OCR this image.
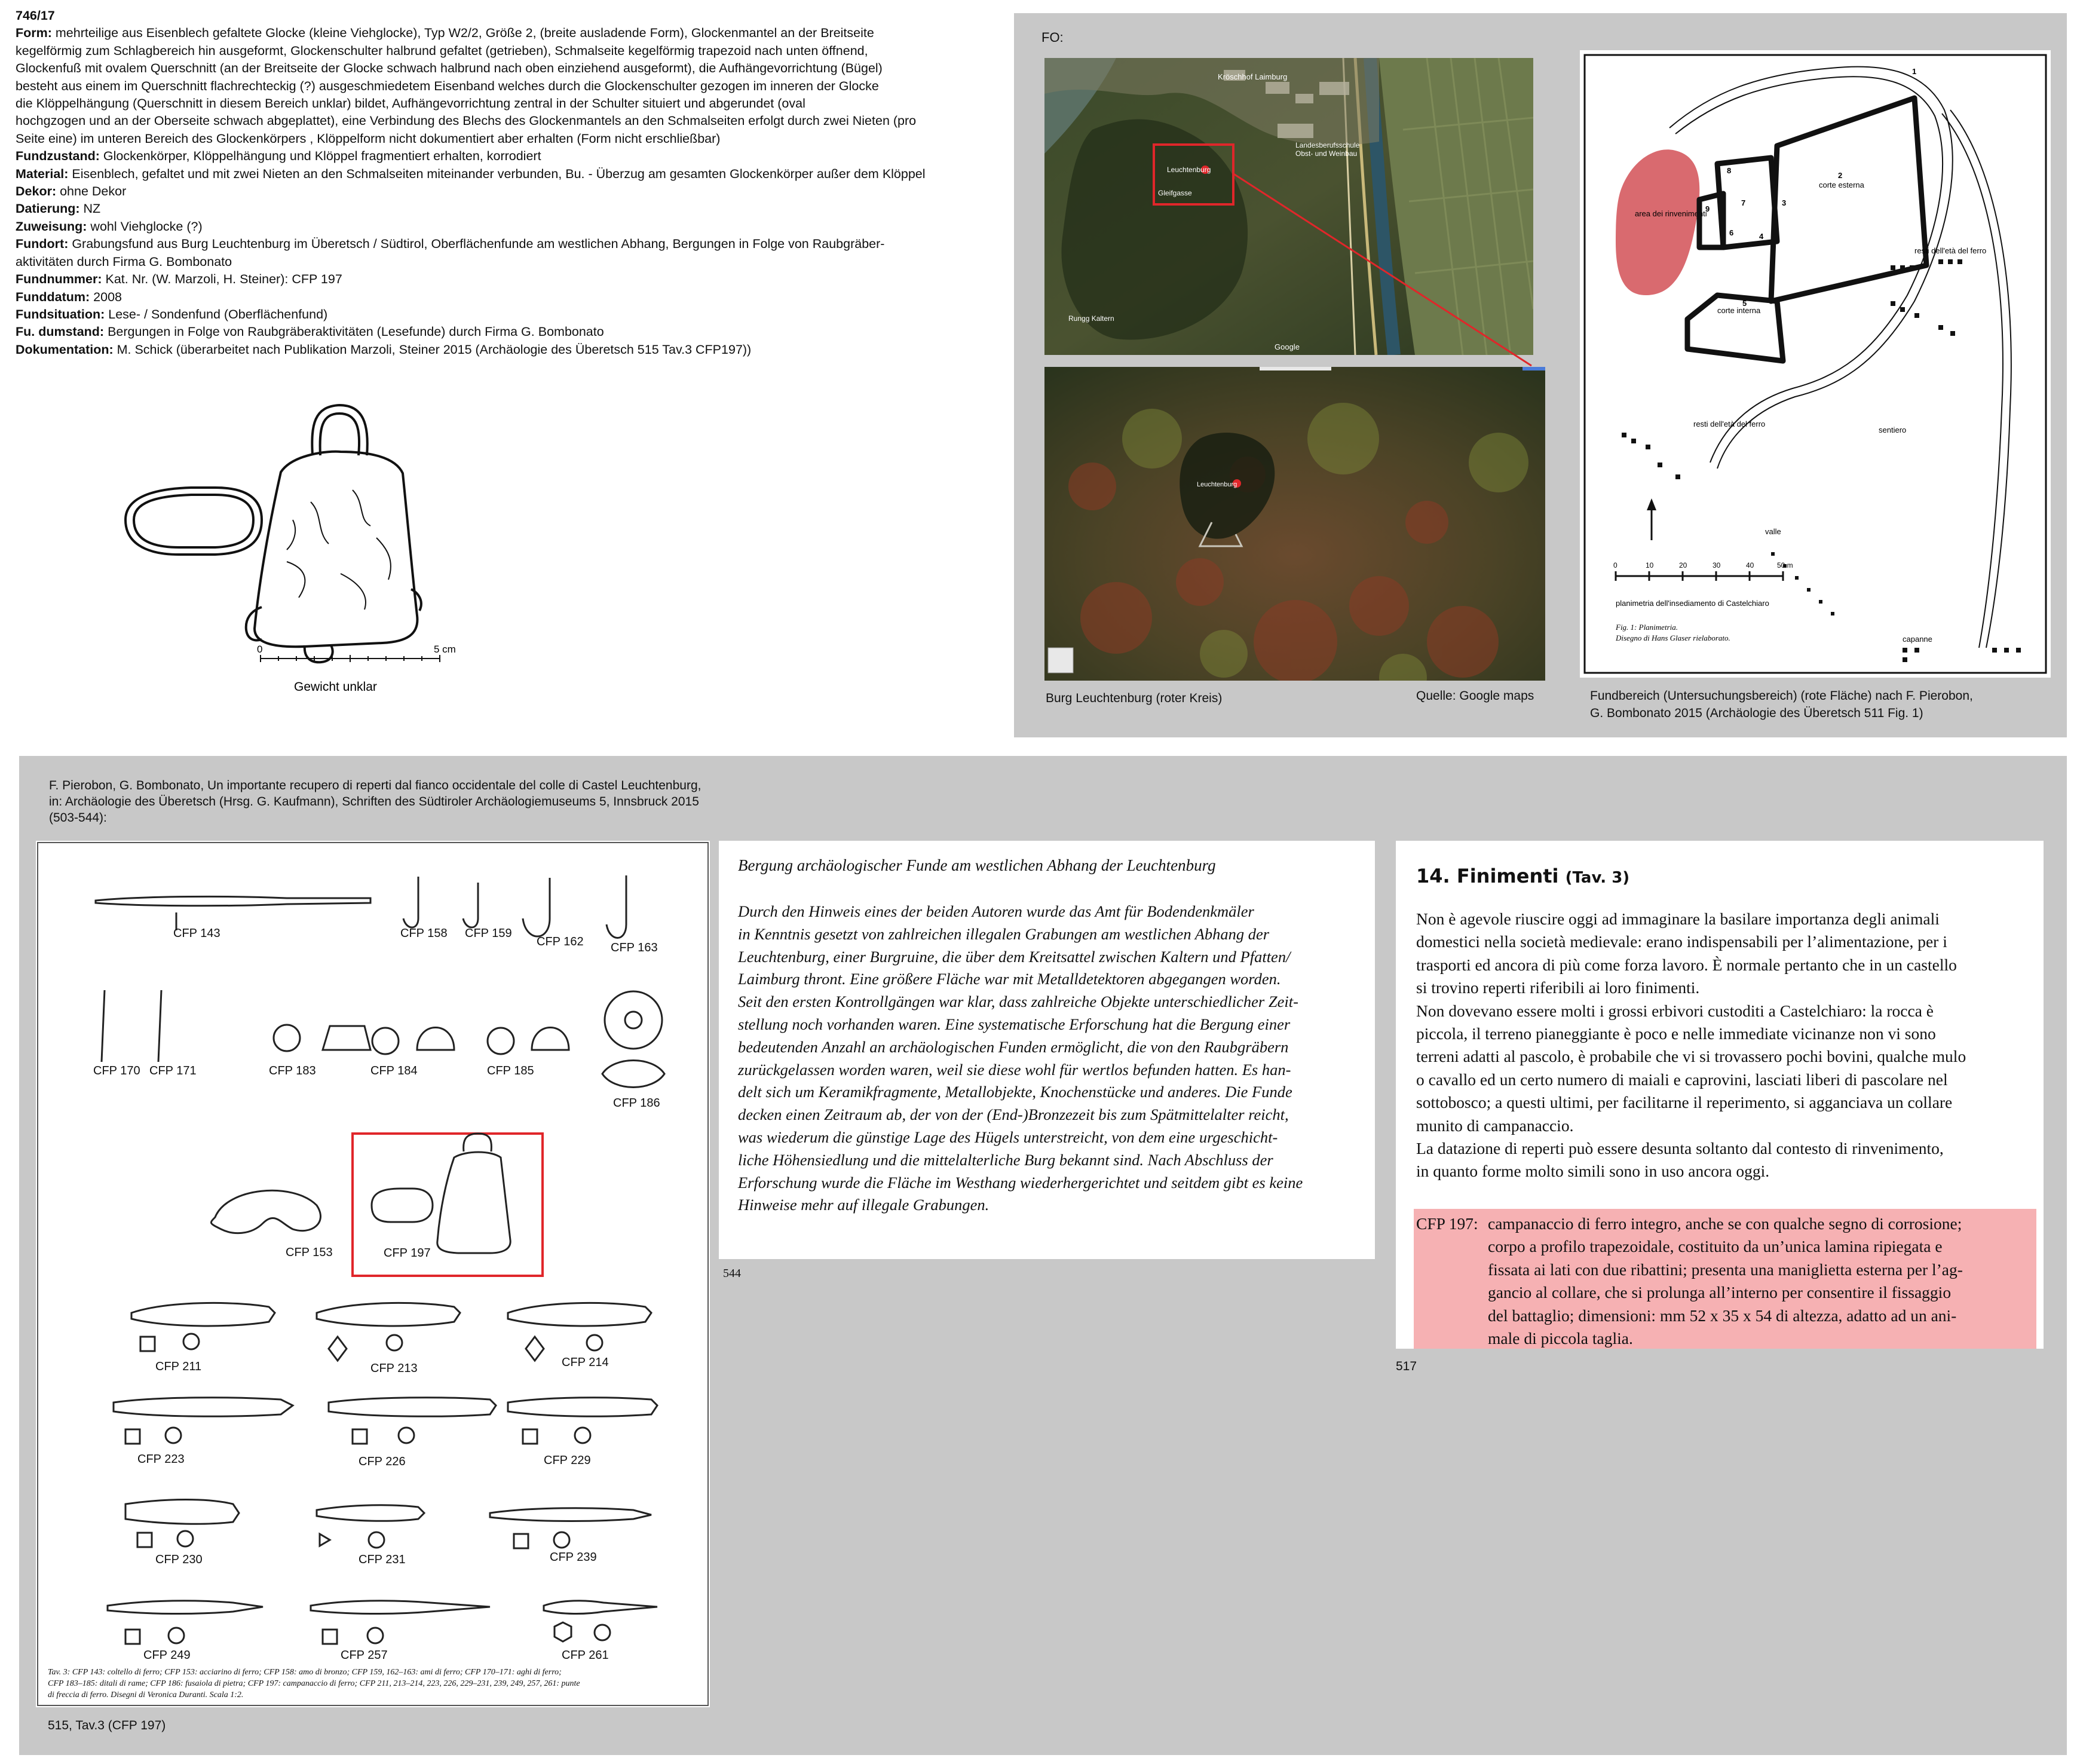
746/17
Form: mehrteilige aus Eisenblech gefaltete Glocke (kleine Viehglocke), Typ W2/2, Größe 2, (breite ausladende Form), Glockenmantel an der Breitseite
kegelförmig zum Schlagbereich hin ausgeformt, Glockenschulter halbrund gefaltet (getrieben), Schmalseite kegelförmig trapezoid nach unten öffnend,
Glockenfuß mit ovalem Querschnitt (an der Breitseite der Glocke schwach halbrund nach oben einziehend ausgeformt), die Aufhängevorrichtung (Bügel)
besteht aus einem im Querschnitt flachrechteckig (?) ausgeschmiedetem Eisenband welches durch die Glockenschulter gezogen im inneren der Glocke
die Klöppelhängung (Querschnitt in diesem Bereich unklar) bildet, Aufhängevorrichtung zentral in der Schulter situiert und abgerundet (oval
hochgzogen und an der Oberseite schwach abgeplattet), eine Verbindung des Blechs des Glockenmantels an den Schmalseiten erfolgt durch zwei Nieten (pro
Seite eine) im unteren Bereich des Glockenkörpers , Klöppelform nicht dokumentiert aber erhalten (Form nicht erschließbar)
Fundzustand: Glockenkörper, Klöppelhängung und Klöppel fragmentiert erhalten, korrodiert
Material: Eisenblech, gefaltet und mit zwei Nieten an den Schmalseiten miteinander verbunden, Bu. - Überzug am gesamten Glockenkörper außer dem Klöppel
Dekor: ohne Dekor
Datierung: NZ
Zuweisung: wohl Viehglocke (?)
Fundort: Grabungsfund aus Burg Leuchtenburg im Überetsch / Südtirol, Oberflächenfunde am westlichen Abhang, Bergungen in Folge von Raubgräber-
aktivitäten durch Firma G. Bombonato
Fundnummer: Kat. Nr. (W. Marzoli, H. Steiner): CFP 197
Funddatum: 2008
Fundsituation: Lese- / Sondenfund (Oberflächenfund)
Fu. dumstand: Bergungen in Folge von Raubgräberaktivitäten (Lesefunde) durch Firma G. Bombonato
Dokumentation: M. Schick (überarbeitet nach Publikation Marzoli, Steiner 2015 (Archäologie des Überetsch 515 Tav.3 CFP197))
0	5 cm
Gewicht unklar
FO:
Kröschhof Laimburg
Landesberufsschule
Obst- und Weinbau
Rungg Kaltern
Gleifgasse
Leuchtenburg
Google
Leuchtenburg
Burg Leuchtenburg (roter Kreis)	Quelle: Google maps	Fundbereich (Untersuchungsbereich) (rote Fläche) nach F. Pierobon,
G. Bombonato 2015 (Archäologie des Überetsch 511 Fig. 1)
area dei rinvenimenti
corte esterna
corte interna
resti dell'età del ferro
resti dell'età del ferro
sentiero
valle
capanne
1
2
3
4
5
6
7
8
9
0	10	20	30	40	50 m
planimetria dell'insediamento di Castelchiaro
Fig. 1: Planimetria.
Disegno di Hans Glaser rielaborato.
F. Pierobon, G. Bombonato, Un importante recupero di reperti dal fianco occidentale del colle di Castel Leuchtenburg,
in: Archäologie des Überetsch (Hrsg. G. Kaufmann), Schriften des Südtiroler Archäologiemuseums 5, Innsbruck 2015
(503-544):
CFP 143	CFP 158 CFP 159
CFP 162 CFP 163
CFP 170 CFP 171	CFP 183	CFP 184	CFP 185
CFP 186
CFP 153	CFP 197
CFP 211	CFP 213	CFP 214
CFP 223	CFP 226	CFP 229
CFP 230	CFP 231	CFP 239
CFP 249	CFP 257	CFP 261
Tav. 3: CFP 143: coltello di ferro; CFP 153: acciarino di ferro; CFP 158: amo di bronzo; CFP 159, 162–163: ami di ferro; CFP 170–171: aghi di ferro;
CFP 183–185: ditali di rame; CFP 186: fusaiola di pietra; CFP 197: campanaccio di ferro; CFP 211, 213–214, 223, 226, 229–231, 239, 249, 257, 261: punte
di freccia di ferro. Disegni di Veronica Duranti. Scala 1:2.
515, Tav.3 (CFP 197)
Bergung archäologischer Funde am westlichen Abhang der Leuchtenburg
Durch den Hinweis eines der beiden Autoren wurde das Amt für Bodendenkmäler
in Kenntnis gesetzt von zahlreichen illegalen Grabungen am westlichen Abhang der
Leuchtenburg, einer Burgruine, die über dem Kreitsattel zwischen Kaltern und Pfatten/
Laimburg thront. Eine größere Fläche war mit Metalldetektoren abgegangen worden.
Seit den ersten Kontrollgängen war klar, dass zahlreiche Objekte unterschiedlicher Zeit-
stellung noch vorhanden waren. Eine systematische Erforschung hat die Bergung einer
bedeutenden Anzahl an archäologischen Funden ermöglicht, die von den Raubgräbern
zurückgelassen worden waren, weil sie diese wohl für wertlos befunden hatten. Es han-
delt sich um Keramikfragmente, Metallobjekte, Knochenstücke und anderes. Die Funde
decken einen Zeitraum ab, der von der (End-)Bronzezeit bis zum Spätmittelalter reicht,
was wiederum die günstige Lage des Hügels unterstreicht, von dem eine urgeschicht-
liche Höhensiedlung und die mittelalterliche Burg bekannt sind. Nach Abschluss der
Erforschung wurde die Fläche im Westhang wiederhergerichtet und seitdem gibt es keine
Hinweise mehr auf illegale Grabungen.
544
14. Finimenti (Tav. 3)
Non è agevole riuscire oggi ad immaginare la basilare importanza degli animali
domestici nella società medievale: erano indispensabili per l’alimentazione, per i
trasporti ed ancora di più come forza lavoro. È normale pertanto che in un castello
si trovino reperti riferibili ai loro finimenti.
Non dovevano essere molti i grossi erbivori custoditi a Castelchiaro: la rocca è
piccola, il terreno pianeggiante è poco e nelle immediate vicinanze non vi sono
terreni adatti al pascolo, è probabile che vi si trovassero pochi bovini, qualche mulo
o cavallo ed un certo numero di maiali e caprovini, lasciati liberi di pascolare nel
sottobosco; a questi ultimi, per facilitarne il reperimento, si agganciava un collare
munito di campanaccio.
La datazione di reperti può essere desunta soltanto dal contesto di rinvenimento,
in quanto forme molto simili sono in uso ancora oggi.
CFP 197: campanaccio di ferro integro, anche se con qualche segno di corrosione;
corpo a profilo trapezoidale, costituito da un’unica lamina ripiegata e
fissata ai lati con due ribattini; presenta una maniglietta esterna per l’ag-
gancio al collare, che si prolunga all’interno per consentire il fissaggio
del battaglio; dimensioni: mm 52 x 35 x 54 di altezza, adatto ad un ani-
male di piccola taglia.
517
